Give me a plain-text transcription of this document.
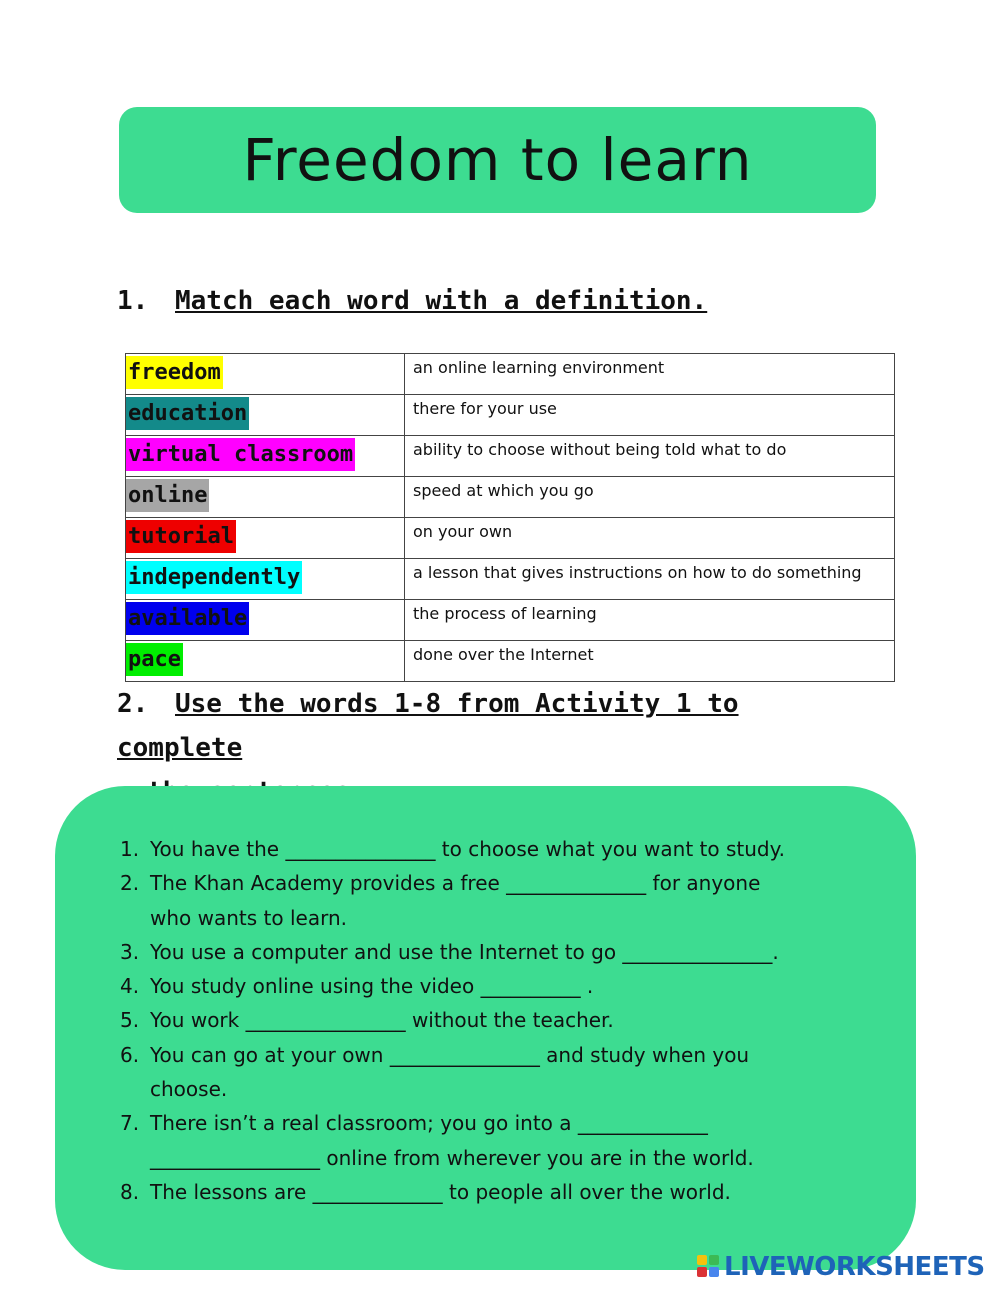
Freedom to learn
1. Match each word with a definition.
freedom	an online learning environment
education	there for your use
virtual classroom	ability to choose without being told what to do
online	speed at which you go
tutorial	on your own
independently	a lesson that gives instructions on how to do something
available	the process of learning
pace	done over the Internet
2. Use the words 1-8 from Activity 1 to complete
1. You have the _______________ to choose what you want to study.
2. The Khan Academy provides a free ______________ for anyone
who wants to learn.
3. You use a computer and use the Internet to go _______________.
4. You study online using the video __________ .
5. You work ________________ without the teacher.
6. You can go at your own _______________ and study when you
choose.
7. There isn’t a real classroom; you go into a _____________
_________________ online from wherever you are in the world.
8. The lessons are _____________ to people all over the world.
LIVEWORKSHEETS
